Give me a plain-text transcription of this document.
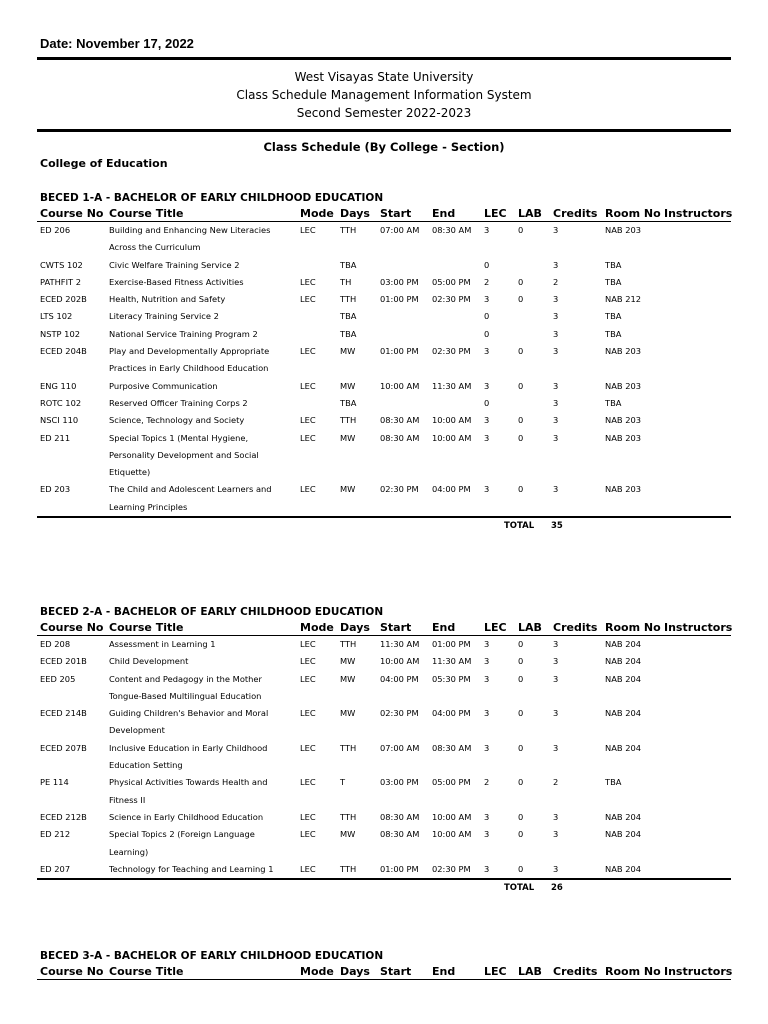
Date: November 17, 2022
West Visayas State University
Class Schedule Management Information System
Second Semester 2022-2023
Class Schedule (By College - Section)
College of Education
BECED 1-A - BACHELOR OF EARLY CHILDHOOD EDUCATION
Course No	Course Title	Mode	Days	Start	End	LEC	LAB	Credits	Room No	Instructors
ED 206	Building and Enhancing New Literacies Across the Curriculum	LEC	TTH	07:00 AM	08:30 AM	3	0	3	NAB 203	
CWTS 102	Civic Welfare Training Service 2		TBA			0		3	TBA	
PATHFIT 2	Exercise-Based Fitness Activities	LEC	TH	03:00 PM	05:00 PM	2	0	2	TBA	
ECED 202B	Health, Nutrition and Safety	LEC	TTH	01:00 PM	02:30 PM	3	0	3	NAB 212	
LTS 102	Literacy Training Service 2		TBA			0		3	TBA	
NSTP 102	National Service Training Program 2		TBA			0		3	TBA	
ECED 204B	Play and Developmentally Appropriate Practices in Early Childhood Education	LEC	MW	01:00 PM	02:30 PM	3	0	3	NAB 203	
ENG 110	Purposive Communication	LEC	MW	10:00 AM	11:30 AM	3	0	3	NAB 203	
ROTC 102	Reserved Officer Training Corps 2		TBA			0		3	TBA	
NSCI 110	Science, Technology and Society	LEC	TTH	08:30 AM	10:00 AM	3	0	3	NAB 203	
ED 211	Special Topics 1 (Mental Hygiene, Personality Development and Social Etiquette)	LEC	MW	08:30 AM	10:00 AM	3	0	3	NAB 203	
ED 203	The Child and Adolescent Learners and Learning Principles	LEC	MW	02:30 PM	04:00 PM	3	0	3	NAB 203	
TOTAL 35
BECED 2-A - BACHELOR OF EARLY CHILDHOOD EDUCATION
Course No	Course Title	Mode	Days	Start	End	LEC	LAB	Credits	Room No	Instructors
ED 208	Assessment in Learning 1	LEC	TTH	11:30 AM	01:00 PM	3	0	3	NAB 204	
ECED 201B	Child Development	LEC	MW	10:00 AM	11:30 AM	3	0	3	NAB 204	
EED 205	Content and Pedagogy in the Mother Tongue-Based Multilingual Education	LEC	MW	04:00 PM	05:30 PM	3	0	3	NAB 204	
ECED 214B	Guiding Children's Behavior and Moral Development	LEC	MW	02:30 PM	04:00 PM	3	0	3	NAB 204	
ECED 207B	Inclusive Education in Early Childhood Education Setting	LEC	TTH	07:00 AM	08:30 AM	3	0	3	NAB 204	
PE 114	Physical Activities Towards Health and Fitness II	LEC	T	03:00 PM	05:00 PM	2	0	2	TBA	
ECED 212B	Science in Early Childhood Education	LEC	TTH	08:30 AM	10:00 AM	3	0	3	NAB 204	
ED 212	Special Topics 2 (Foreign Language Learning)	LEC	MW	08:30 AM	10:00 AM	3	0	3	NAB 204	
ED 207	Technology for Teaching and Learning 1	LEC	TTH	01:00 PM	02:30 PM	3	0	3	NAB 204	
TOTAL 26
BECED 3-A - BACHELOR OF EARLY CHILDHOOD EDUCATION
Course No	Course Title	Mode	Days	Start	End	LEC	LAB	Credits	Room No	Instructors
